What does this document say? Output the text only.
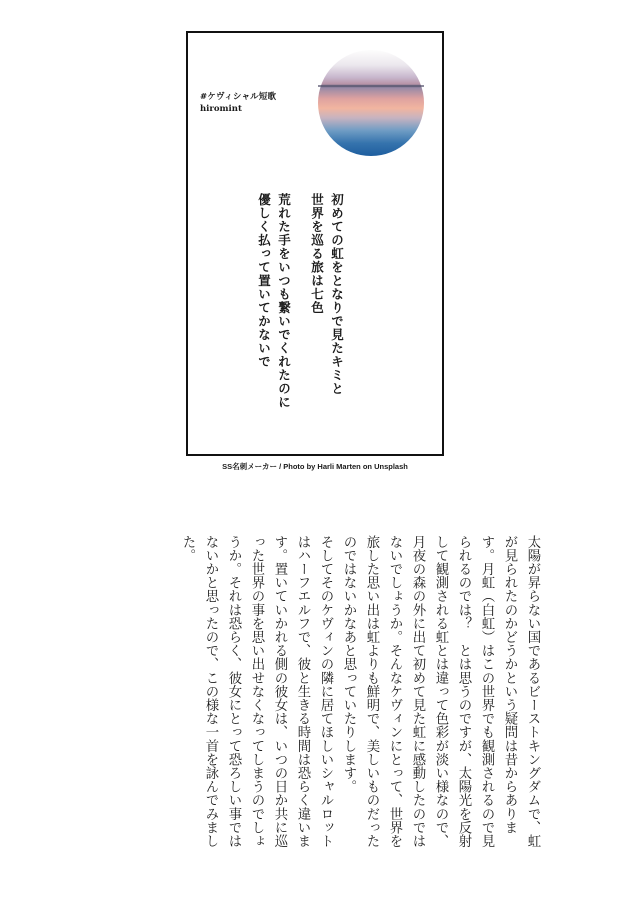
#ケヴィシャル短歌
hiromint
初めての虹をとなりで見たキミと
世界を巡る旅は七色
荒れた手をいつも繋いでくれたのに
優しく払って置いてかないで
SS名刺メーカー / Photo by Harli Marten on Unsplash

太陽が昇らない国であるビーストキングダムで、虹が見られたのかどうかという疑問は昔からあります。月虹（白虹）はこの世界でも観測されるので見られるのでは？　とは思うのですが、太陽光を反射して観測される虹とは違って色彩が淡い様なので、月夜の森の外に出て初めて見た虹に感動したのではないでしょうか。そんなケヴィンにとって、世界を旅した思い出は虹よりも鮮明で、美しいものだったのではないかなあと思っていたりします。

そしてそのケヴィンの隣に居てほしいシャルロットはハーフエルフで、彼と生きる時間は恐らく違います。置いていかれる側の彼女は、いつの日か共に巡った世界の事を思い出せなくなってしまうのでしょうか。それは恐らく、彼女にとって恐ろしい事ではないかと思ったので、この様な一首を詠んでみました。
